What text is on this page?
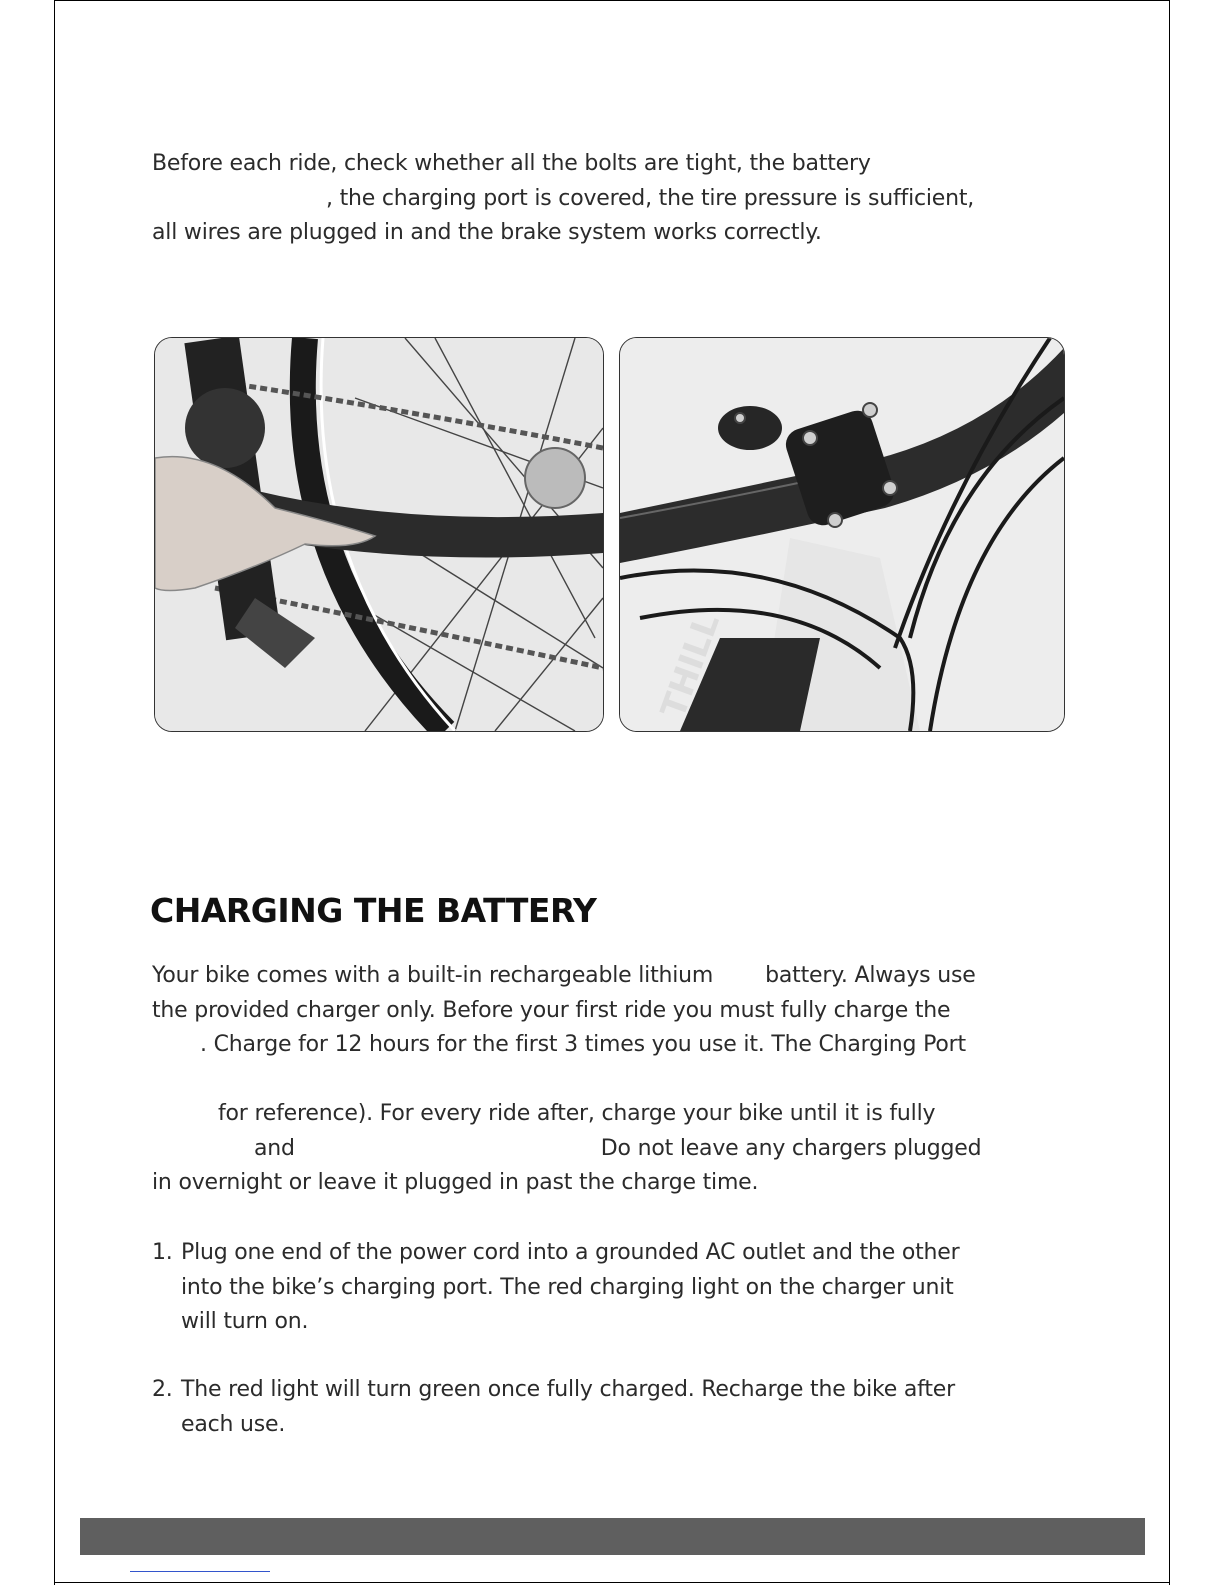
Before each ride, check whether all the bolts are tight, the battery
, the charging port is covered, the tire pressure is sufficient,
all wires are plugged in and the brake system works correctly.
THILL
CHARGING THE BATTERY
Your bike comes with a built-in rechargeable lithium battery. Always use
the provided charger only. Before your first ride you must fully charge the
. Charge for 12 hours for the first 3 times you use it. The Charging Port
for reference). For every ride after, charge your bike until it is fully
and	Do not leave any chargers plugged
in overnight or leave it plugged in past the charge time.
1. Plug one end of the power cord into a grounded AC outlet and the other
into the bike’s charging port. The red charging light on the charger unit
will turn on.
2. The red light will turn green once fully charged. Recharge the bike after
each use.
